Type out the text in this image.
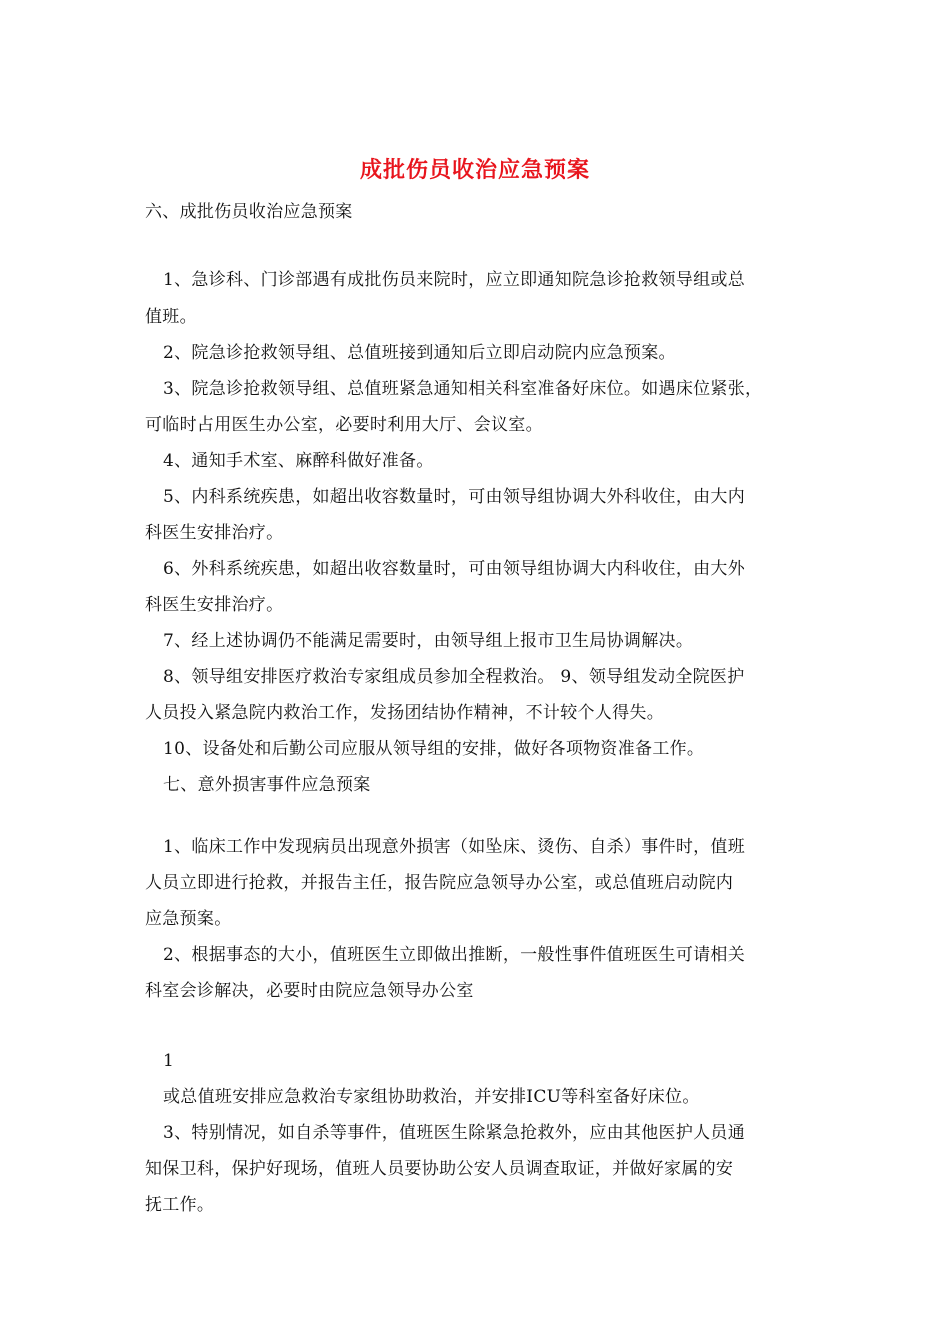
成批伤员收治应急预案
六、成批伤员收治应急预案
1、急诊科、门诊部遇有成批伤员来院时，应立即通知院急诊抢救领导组或总
值班。
2、院急诊抢救领导组、总值班接到通知后立即启动院内应急预案。
3、院急诊抢救领导组、总值班紧急通知相关科室准备好床位。如遇床位紧张，
可临时占用医生办公室，必要时利用大厅、会议室。
4、通知手术室、麻醉科做好准备。
5、内科系统疾患，如超出收容数量时，可由领导组协调大外科收住，由大内
科医生安排治疗。
6、外科系统疾患，如超出收容数量时，可由领导组协调大内科收住，由大外
科医生安排治疗。
7、经上述协调仍不能满足需要时，由领导组上报市卫生局协调解决。
8、领导组安排医疗救治专家组成员参加全程救治。 9、领导组发动全院医护
人员投入紧急院内救治工作，发扬团结协作精神，不计较个人得失。
10、设备处和后勤公司应服从领导组的安排，做好各项物资准备工作。
七、意外损害事件应急预案
1、临床工作中发现病员出现意外损害（如坠床、烫伤、自杀）事件时，值班
人员立即进行抢救，并报告主任，报告院应急领导办公室，或总值班启动院内
应急预案。
2、根据事态的大小，值班医生立即做出推断，一般性事件值班医生可请相关
科室会诊解决，必要时由院应急领导办公室
1
或总值班安排应急救治专家组协助救治，并安排ICU等科室备好床位。
3、特别情况，如自杀等事件，值班医生除紧急抢救外，应由其他医护人员通
知保卫科，保护好现场，值班人员要协助公安人员调查取证，并做好家属的安
抚工作。
